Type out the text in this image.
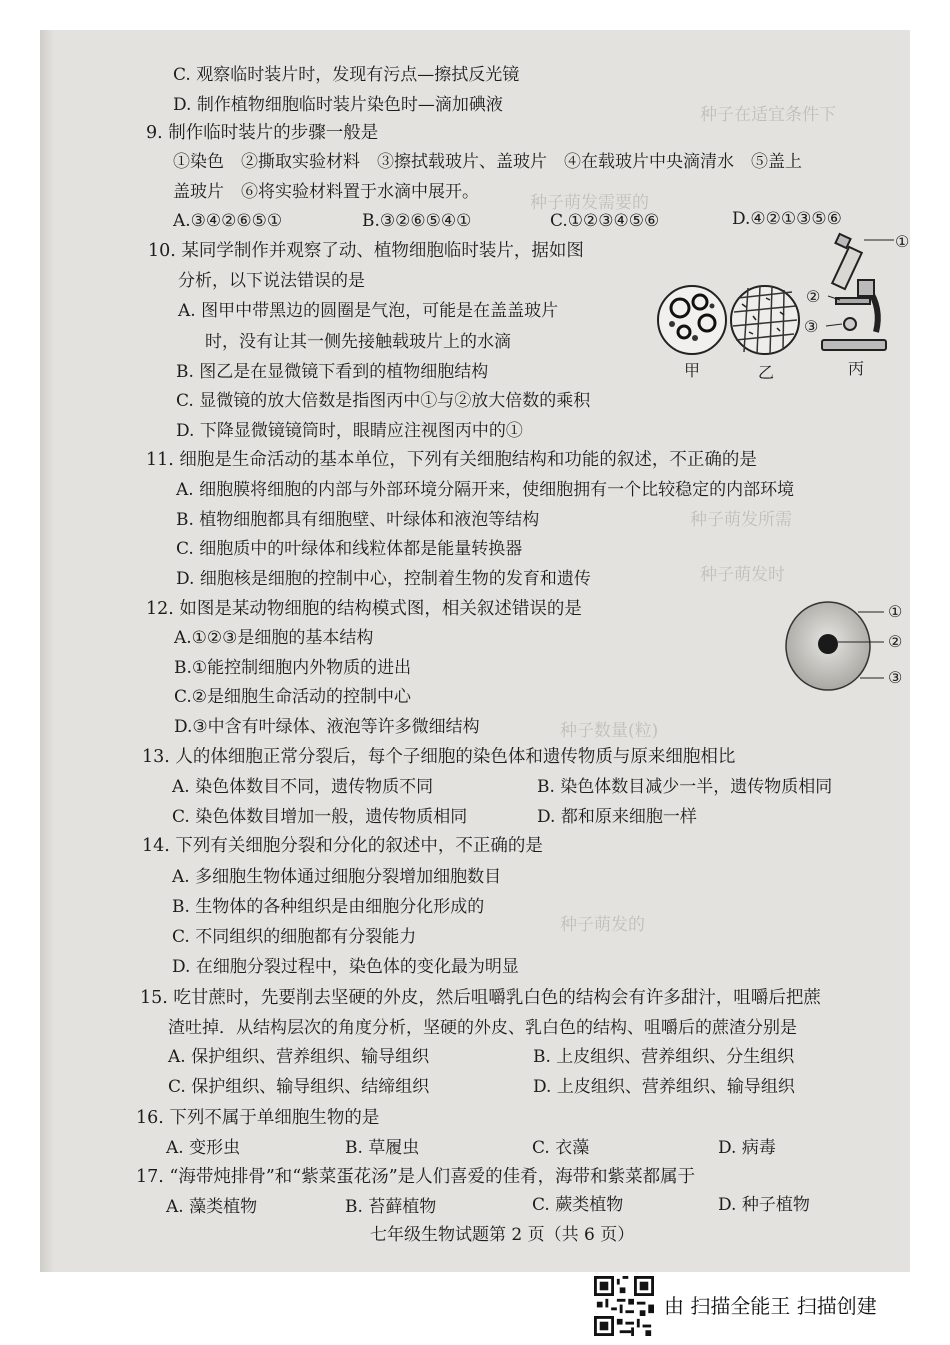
种子在适宜条件下
种子萌发需要的
种子萌发所需
种子萌发时
种子数量(粒)
种子萌发的
C. 观察临时装片时，发现有污点—擦拭反光镜
D. 制作植物细胞临时装片染色时—滴加碘液
9. 制作临时装片的步骤一般是
①染色　②撕取实验材料　③擦拭载玻片、盖玻片　④在载玻片中央滴清水　⑤盖上
盖玻片　⑥将实验材料置于水滴中展开。
A.③④②⑥⑤①	B.③②⑥⑤④①	C.①②③④⑤⑥	D.④②①③⑤⑥
10. 某同学制作并观察了动、植物细胞临时装片，据如图
分析，以下说法错误的是
A. 图甲中带黑边的圆圈是气泡，可能是在盖盖玻片
时，没有让其一侧先接触载玻片上的水滴
B. 图乙是在显微镜下看到的植物细胞结构
C. 显微镜的放大倍数是指图丙中①与②放大倍数的乘积
D. 下降显微镜镜筒时，眼睛应注视图丙中的①
11. 细胞是生命活动的基本单位，下列有关细胞结构和功能的叙述，不正确的是
A. 细胞膜将细胞的内部与外部环境分隔开来，使细胞拥有一个比较稳定的内部环境
B. 植物细胞都具有细胞壁、叶绿体和液泡等结构
C. 细胞质中的叶绿体和线粒体都是能量转换器
D. 细胞核是细胞的控制中心，控制着生物的发育和遗传
12. 如图是某动物细胞的结构模式图，相关叙述错误的是
A.①②③是细胞的基本结构
B.①能控制细胞内外物质的进出
C.②是细胞生命活动的控制中心
D.③中含有叶绿体、液泡等许多微细结构
13. 人的体细胞正常分裂后，每个子细胞的染色体和遗传物质与原来细胞相比
A. 染色体数目不同，遗传物质不同	B. 染色体数目减少一半，遗传物质相同
C. 染色体数目增加一般，遗传物质相同	D. 都和原来细胞一样
14. 下列有关细胞分裂和分化的叙述中，不正确的是
A. 多细胞生物体通过细胞分裂增加细胞数目
B. 生物体的各种组织是由细胞分化形成的
C. 不同组织的细胞都有分裂能力
D. 在细胞分裂过程中，染色体的变化最为明显
15. 吃甘蔗时，先要削去坚硬的外皮，然后咀嚼乳白色的结构会有许多甜汁，咀嚼后把蔗
渣吐掉．从结构层次的角度分析，坚硬的外皮、乳白色的结构、咀嚼后的蔗渣分别是
A. 保护组织、营养组织、输导组织	B. 上皮组织、营养组织、分生组织
C. 保护组织、输导组织、结缔组织	D. 上皮组织、营养组织、输导组织
16. 下列不属于单细胞生物的是
A. 变形虫	B. 草履虫	C. 衣藻	D. 病毒
17. “海带炖排骨”和“紫菜蛋花汤”是人们喜爱的佳肴，海带和紫菜都属于
A. 藻类植物	B. 苔藓植物	C. 蕨类植物	D. 种子植物
①
②
③
甲	乙	丙
①
②
③
七年级生物试题第 2 页（共 6 页）
由 扫描全能王 扫描创建
